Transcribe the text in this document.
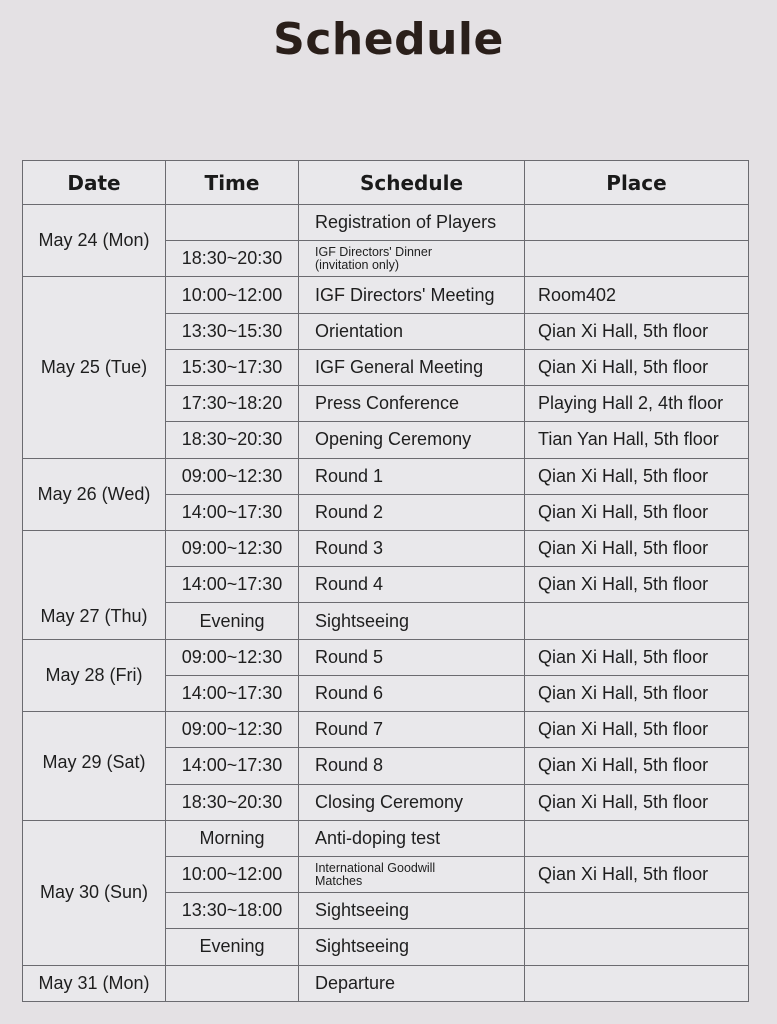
Schedule
Date	Time	Schedule	Place
May 24 (Mon)		Registration of Players	
	18:30~20:30	IGF Directors' Dinner
(invitation only)	
May 25 (Tue)	10:00~12:00	IGF Directors' Meeting	Room402
	13:30~15:30	Orientation	Qian Xi Hall, 5th floor
	15:30~17:30	IGF General Meeting	Qian Xi Hall, 5th floor
	17:30~18:20	Press Conference	Playing Hall 2, 4th floor
	18:30~20:30	Opening Ceremony	Tian Yan Hall, 5th floor
May 26 (Wed)	09:00~12:30	Round 1	Qian Xi Hall, 5th floor
	14:00~17:30	Round 2	Qian Xi Hall, 5th floor
May 27 (Thu)	09:00~12:30	Round 3	Qian Xi Hall, 5th floor
	14:00~17:30	Round 4	Qian Xi Hall, 5th floor
	Evening	Sightseeing	
May 28 (Fri)	09:00~12:30	Round 5	Qian Xi Hall, 5th floor
	14:00~17:30	Round 6	Qian Xi Hall, 5th floor
May 29 (Sat)	09:00~12:30	Round 7	Qian Xi Hall, 5th floor
	14:00~17:30	Round 8	Qian Xi Hall, 5th floor
	18:30~20:30	Closing Ceremony	Qian Xi Hall, 5th floor
May 30 (Sun)	Morning	Anti-doping test	
	10:00~12:00	International Goodwill
Matches	Qian Xi Hall, 5th floor
	13:30~18:00	Sightseeing	
	Evening	Sightseeing	
May 31 (Mon)		Departure	
